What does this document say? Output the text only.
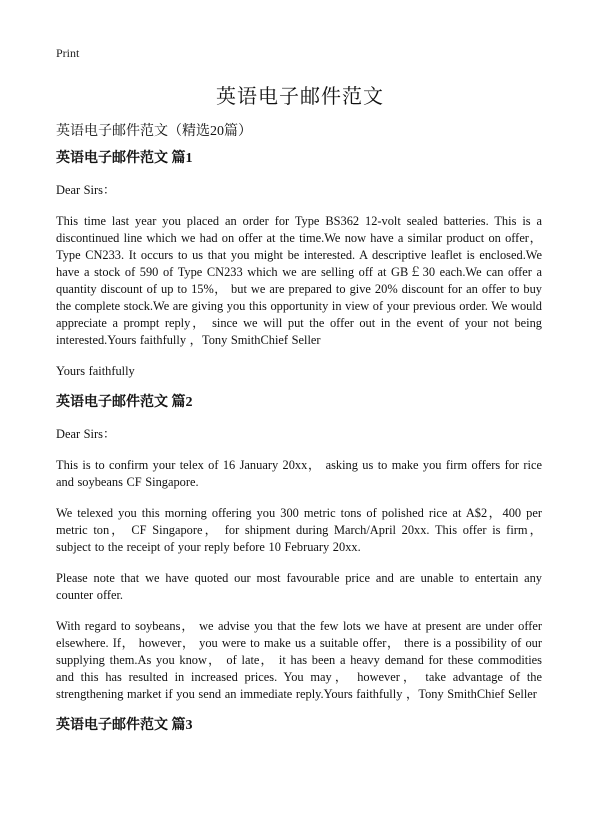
Print
英语电子邮件范文

英语电子邮件范文（精选20篇）

英语电子邮件范文 篇1

Dear Sirs：

This time last year you placed an order for Type BS362 12-volt sealed batteries. This is a discontinued line which we had on offer at the time.We now have a similar product on offer， Type CN233. It occurs to us that you might be interested. A descriptive leaflet is enclosed.We have a stock of 590 of Type CN233 which we are selling off at GB￡30 each.We can offer a quantity discount of up to 15%， but we are prepared to give 20% discount for an offer to buy the complete stock.We are giving you this opportunity in view of your previous order. We would appreciate a prompt reply， since we will put the offer out in the event of your not being interested.Yours faithfully ，Tony SmithChief Seller

Yours faithfully

英语电子邮件范文 篇2

Dear Sirs：

This is to confirm your telex of 16 January 20xx， asking us to make you firm offers for rice and soybeans CF Singapore.

We telexed you this morning offering you 300 metric tons of polished rice at A$2，400 per metric ton， CF Singapore， for shipment during March/April 20xx. This offer is firm， subject to the receipt of your reply before 10 February 20xx.

Please note that we have quoted our most favourable price and are unable to entertain any counter offer.

With regard to soybeans， we advise you that the few lots we have at present are under offer elsewhere. If， however， you were to make us a suitable offer， there is a possibility of our supplying them.As you know， of late， it has been a heavy demand for these commodities and this has resulted in increased prices. You may， however， take advantage of the strengthening market if you send an immediate reply.Yours faithfully ，Tony SmithChief Seller

英语电子邮件范文 篇3
